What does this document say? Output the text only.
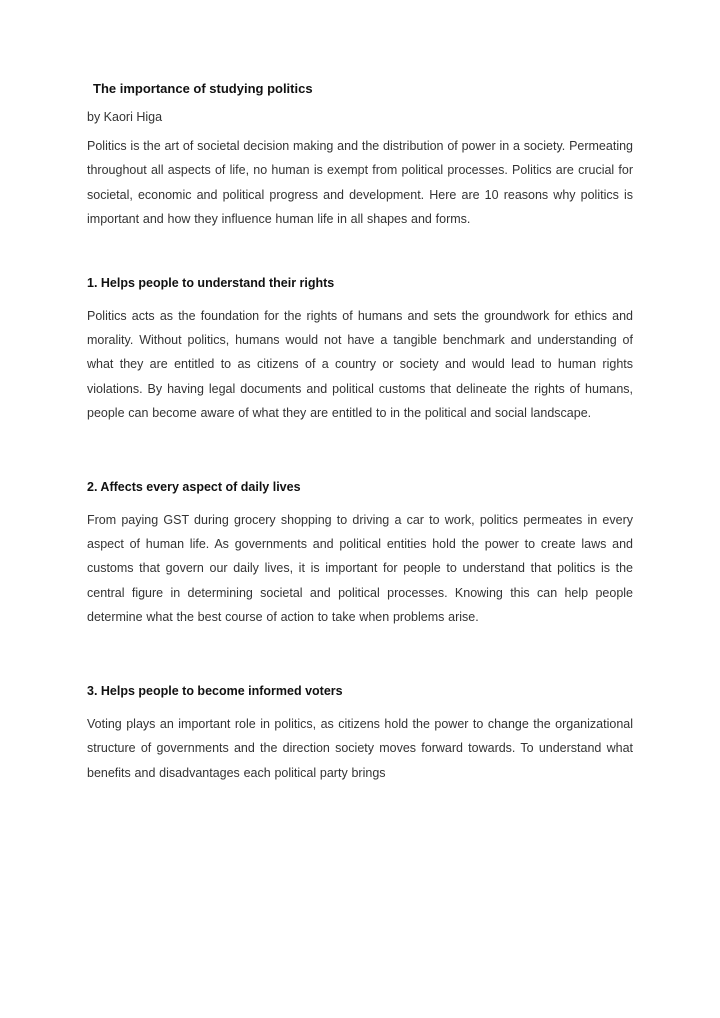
The importance of studying politics
by Kaori Higa

Politics is the art of societal decision making and the distribution of power in a society. Permeating throughout all aspects of life, no human is exempt from political processes. Politics are crucial for societal, economic and political progress and development. Here are 10 reasons why politics is important and how they influence human life in all shapes and forms.

1. Helps people to understand their rights

Politics acts as the foundation for the rights of humans and sets the groundwork for ethics and morality. Without politics, humans would not have a tangible benchmark and understanding of what they are entitled to as citizens of a country or society and would lead to human rights violations. By having legal documents and political customs that delineate the rights of humans, people can become aware of what they are entitled to in the political and social landscape.

2. Affects every aspect of daily lives

From paying GST during grocery shopping to driving a car to work, politics permeates in every aspect of human life. As governments and political entities hold the power to create laws and customs that govern our daily lives, it is important for people to understand that politics is the central figure in determining societal and political processes. Knowing this can help people determine what the best course of action to take when problems arise.

3. Helps people to become informed voters

Voting plays an important role in politics, as citizens hold the power to change the organizational structure of governments and the direction society moves forward towards. To understand what benefits and disadvantages each political party brings
